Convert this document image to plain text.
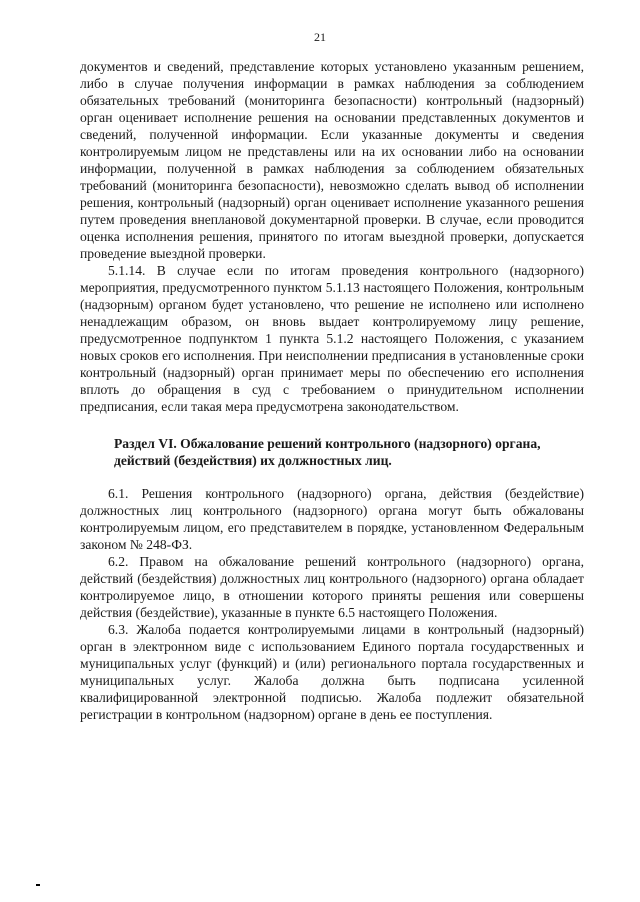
21

документов и сведений, представление которых установлено указанным решением, либо в случае получения информации в рамках наблюдения за соблюдением обязательных требований (мониторинга безопасности) контрольный (надзорный) орган оценивает исполнение решения на основании представленных документов и сведений, полученной информации. Если указанные документы и сведения контролируемым лицом не представлены или на их основании либо на основании информации, полученной в рамках наблюдения за соблюдением обязательных требований (мониторинга безопасности), невозможно сделать вывод об исполнении решения, контрольный (надзорный) орган оценивает исполнение указанного решения путем проведения внеплановой документарной проверки. В случае, если проводится оценка исполнения решения, принятого по итогам выездной проверки, допускается проведение выездной проверки.

5.1.14. В случае если по итогам проведения контрольного (надзорного) мероприятия, предусмотренного пунктом 5.1.13 настоящего Положения, контрольным (надзорным) органом будет установлено, что решение не исполнено или исполнено ненадлежащим образом, он вновь выдает контролируемому лицу решение, предусмотренное подпунктом 1 пункта 5.1.2 настоящего Положения, с указанием новых сроков его исполнения. При неисполнении предписания в установленные сроки контрольный (надзорный) орган принимает меры по обеспечению его исполнения вплоть до обращения в суд с требованием о принудительном исполнении предписания, если такая мера предусмотрена законодательством.

Раздел VI. Обжалование решений контрольного (надзорного) органа, действий (бездействия) их должностных лиц.

6.1. Решения контрольного (надзорного) органа, действия (бездействие) должностных лиц контрольного (надзорного) органа могут быть обжалованы контролируемым лицом, его представителем в порядке, установленном Федеральным законом № 248-ФЗ.

6.2. Правом на обжалование решений контрольного (надзорного) органа, действий (бездействия) должностных лиц контрольного (надзорного) органа обладает контролируемое лицо, в отношении которого приняты решения или совершены действия (бездействие), указанные в пункте 6.5 настоящего Положения.

6.3. Жалоба подается контролируемыми лицами в контрольный (надзорный) орган в электронном виде с использованием Единого портала государственных и муниципальных услуг (функций) и (или) регионального портала государственных и муниципальных услуг. Жалоба должна быть подписана усиленной квалифицированной электронной подписью. Жалоба подлежит обязательной регистрации в контрольном (надзорном) органе в день ее поступления.
